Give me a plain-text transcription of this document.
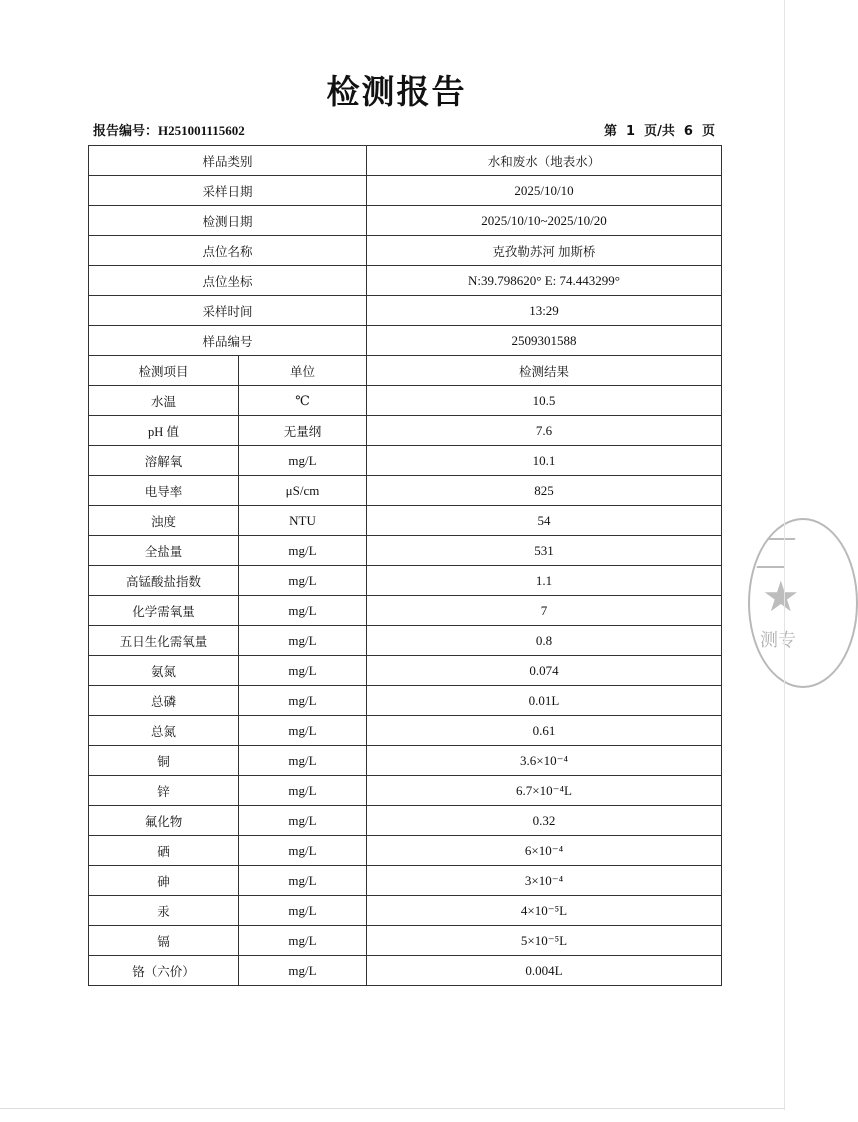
检测报告
报告编号：H251001115602	第  1  页/共  6  页
样品类别		水和废水（地表水）
采样日期		2025/10/10
检测日期		2025/10/10~2025/10/20
点位名称		克孜勒苏河 加斯桥
点位坐标		N:39.798620° E: 74.443299°
采样时间		13:29
样品编号		2509301588
检测项目	单位	检测结果
水温	℃	10.5
pH 值	无量纲	7.6
溶解氧	mg/L	10.1
电导率	μS/cm	825
浊度	NTU	54
全盐量	mg/L	531
高锰酸盐指数	mg/L	1.1
化学需氧量	mg/L	7
五日生化需氧量	mg/L	0.8
氨氮	mg/L	0.074
总磷	mg/L	0.01L
总氮	mg/L	0.61
铜	mg/L	3.6×10⁻⁴
锌	mg/L	6.7×10⁻⁴L
氟化物	mg/L	0.32
硒	mg/L	6×10⁻⁴
砷	mg/L	3×10⁻⁴
汞	mg/L	4×10⁻⁵L
镉	mg/L	5×10⁻⁵L
铬（六价）	mg/L	0.004L
★
测专
